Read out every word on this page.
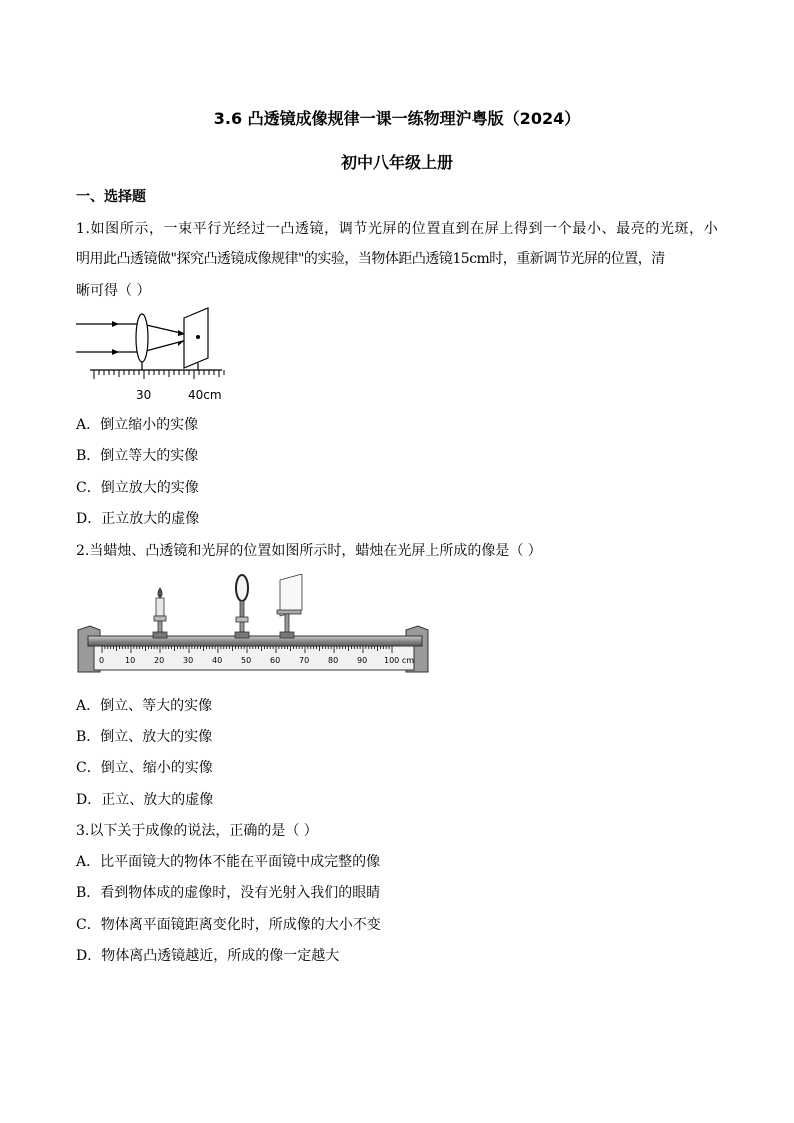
3.6 凸透镜成像规律一课一练物理沪粤版（2024）
初中八年级上册
一、选择题
1.如图所示，一束平行光经过一凸透镜，调节光屏的位置直到在屏上得到一个最小、最亮的光斑，小
明用此凸透镜做"探究凸透镜成像规律"的实验，当物体距凸透镜15cm时，重新调节光屏的位置，清
晰可得（ ）
30	40cm
A．倒立缩小的实像
B．倒立等大的实像
C．倒立放大的实像
D．正立放大的虚像
2.当蜡烛、凸透镜和光屏的位置如图所示时，蜡烛在光屏上所成的像是（ ）
0	10 20 30 40 50 60 70 80 90 100 cm
A．倒立、等大的实像
B．倒立、放大的实像
C．倒立、缩小的实像
D．正立、放大的虚像
3.以下关于成像的说法，正确的是（ ）
A．比平面镜大的物体不能在平面镜中成完整的像
B．看到物体成的虚像时，没有光射入我们的眼睛
C．物体离平面镜距离变化时，所成像的大小不变
D．物体离凸透镜越近，所成的像一定越大
